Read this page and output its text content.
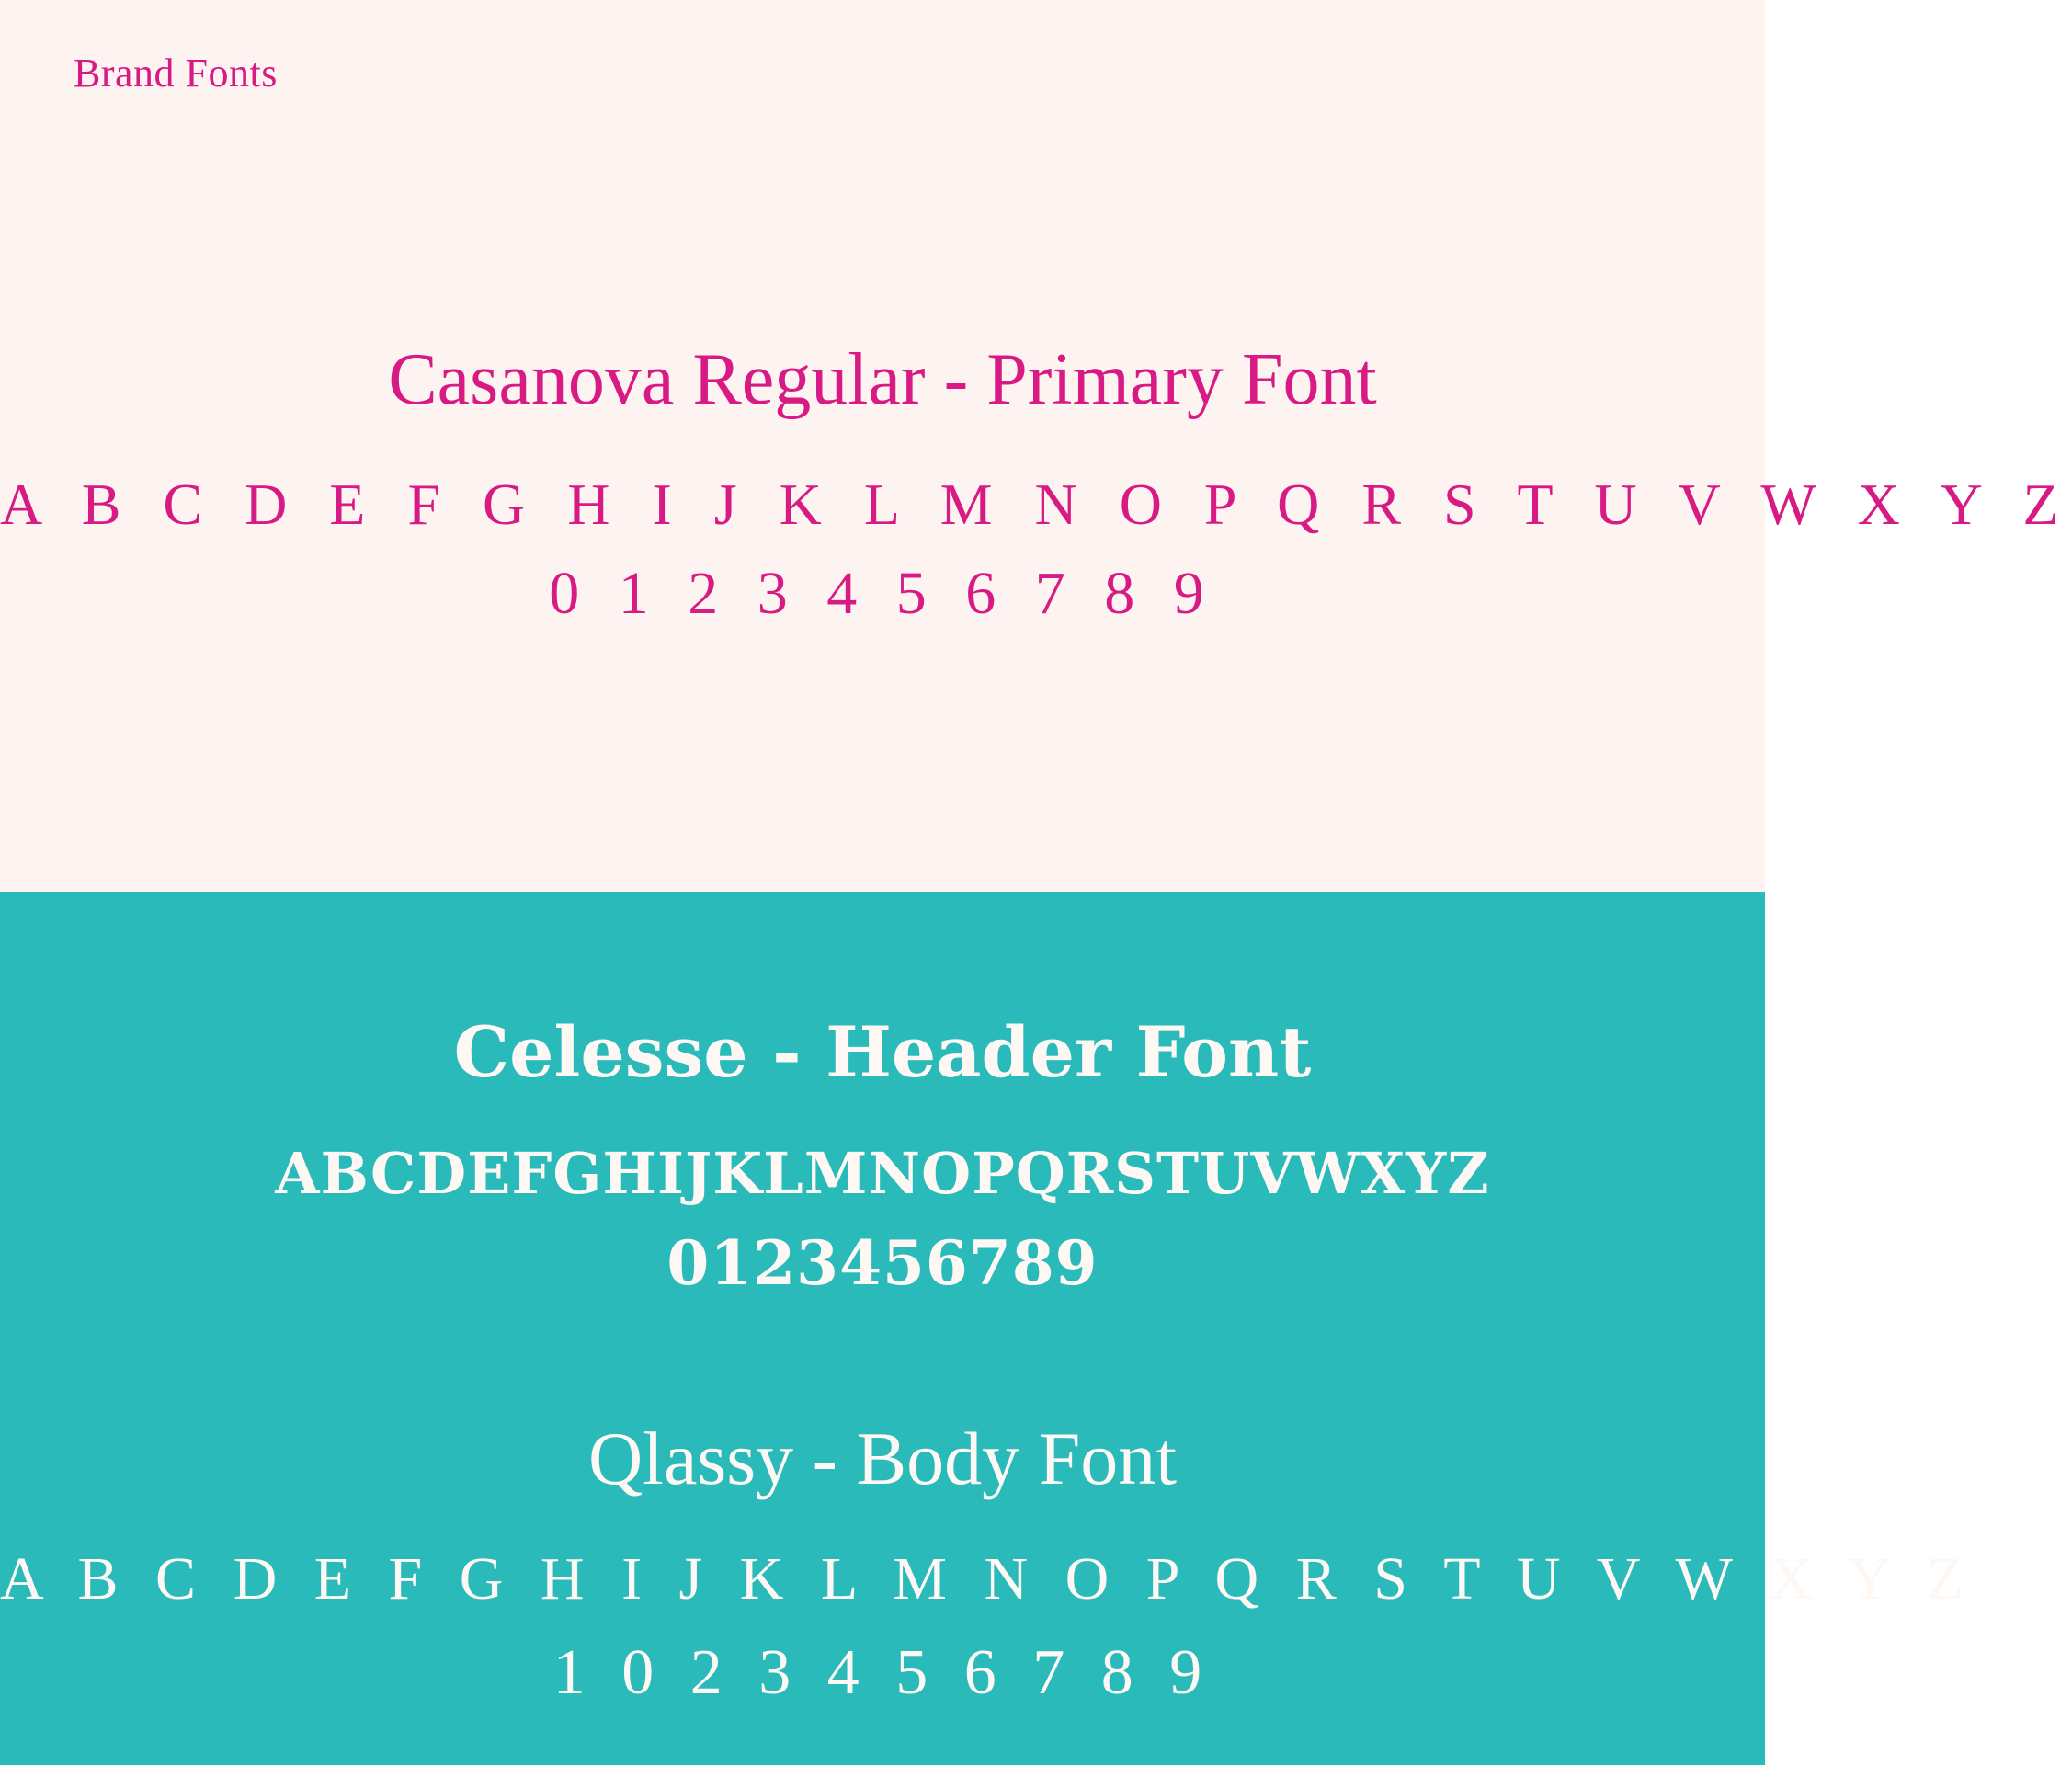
Brand Fonts
Casanova Regular - Primary Font
A B C D E F G H I J K L M N O P Q R S T U V W X Y Z
0 1 2 3 4 5 6 7 8 9
Celesse - Header Font
ABCDEFGHIJKLMNOPQRSTUVWXYZ
0123456789
Qlassy - Body Font
A B C D E F G H I J K L M N O P Q R S T U V W X Y Z
1 0 2 3 4 5 6 7 8 9
